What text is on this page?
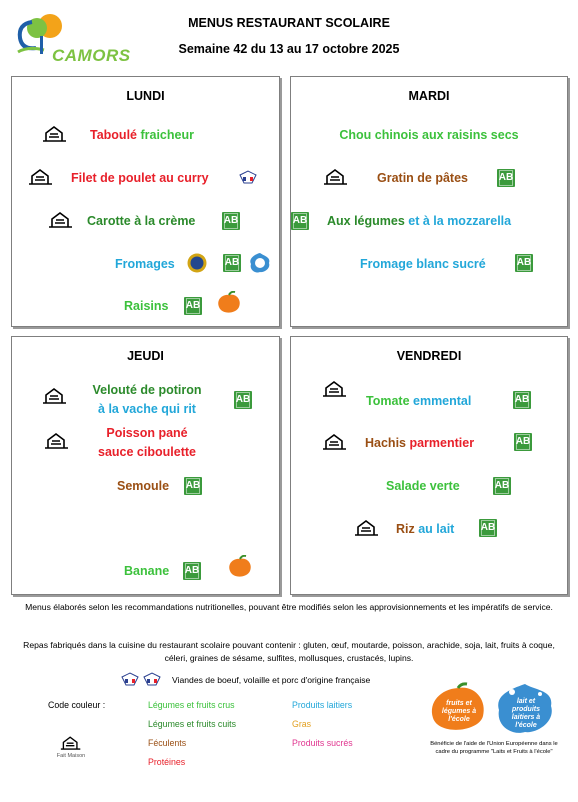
CAMORS
MENUS RESTAURANT SCOLAIRE
Semaine 42 du 13 au 17 octobre 2025
LUNDI
Taboulé fraicheur
Filet de poulet au curry
Carotte à la crème	AB
Fromages	AB
Raisins AB
MARDI
Chou chinois aux raisins secs
Gratin de pâtes	AB
AB Aux légumes et à la mozzarella
Fromage blanc sucré	AB
JEUDI
Velouté de potiron
à la vache qui rit
AB
Poisson pané
sauce ciboulette
Semoule AB
Banane AB
VENDREDI
Tomate emmental	AB
Hachis parmentier	AB
Salade verte	AB
Riz au lait	AB
Menus élaborés selon les recommandations nutritionelles, pouvant être modifiés selon les approvisionnements et les impératifs de service.
Repas fabriqués dans la cuisine du restaurant scolaire pouvant contenir : gluten, œuf, moutarde, poisson, arachide, soja, lait, fruits à coque, céleri, graines de sésame, sulfites, mollusques, crustacés, lupins.
Viandes de boeuf, volaille et porc d'origine française
Code couleur :	Légumes et fruits crus
Légumes et fruits cuits
Féculents
Protéines
Produits laitiers
Gras
Produits sucrés
Fait Maison
fruits et légumes à l'école
lait et produits laitiers à l'école
Bénéficie de l'aide de l'Union Européenne dans le cadre du programme "Laits et Fruits à l'école"
